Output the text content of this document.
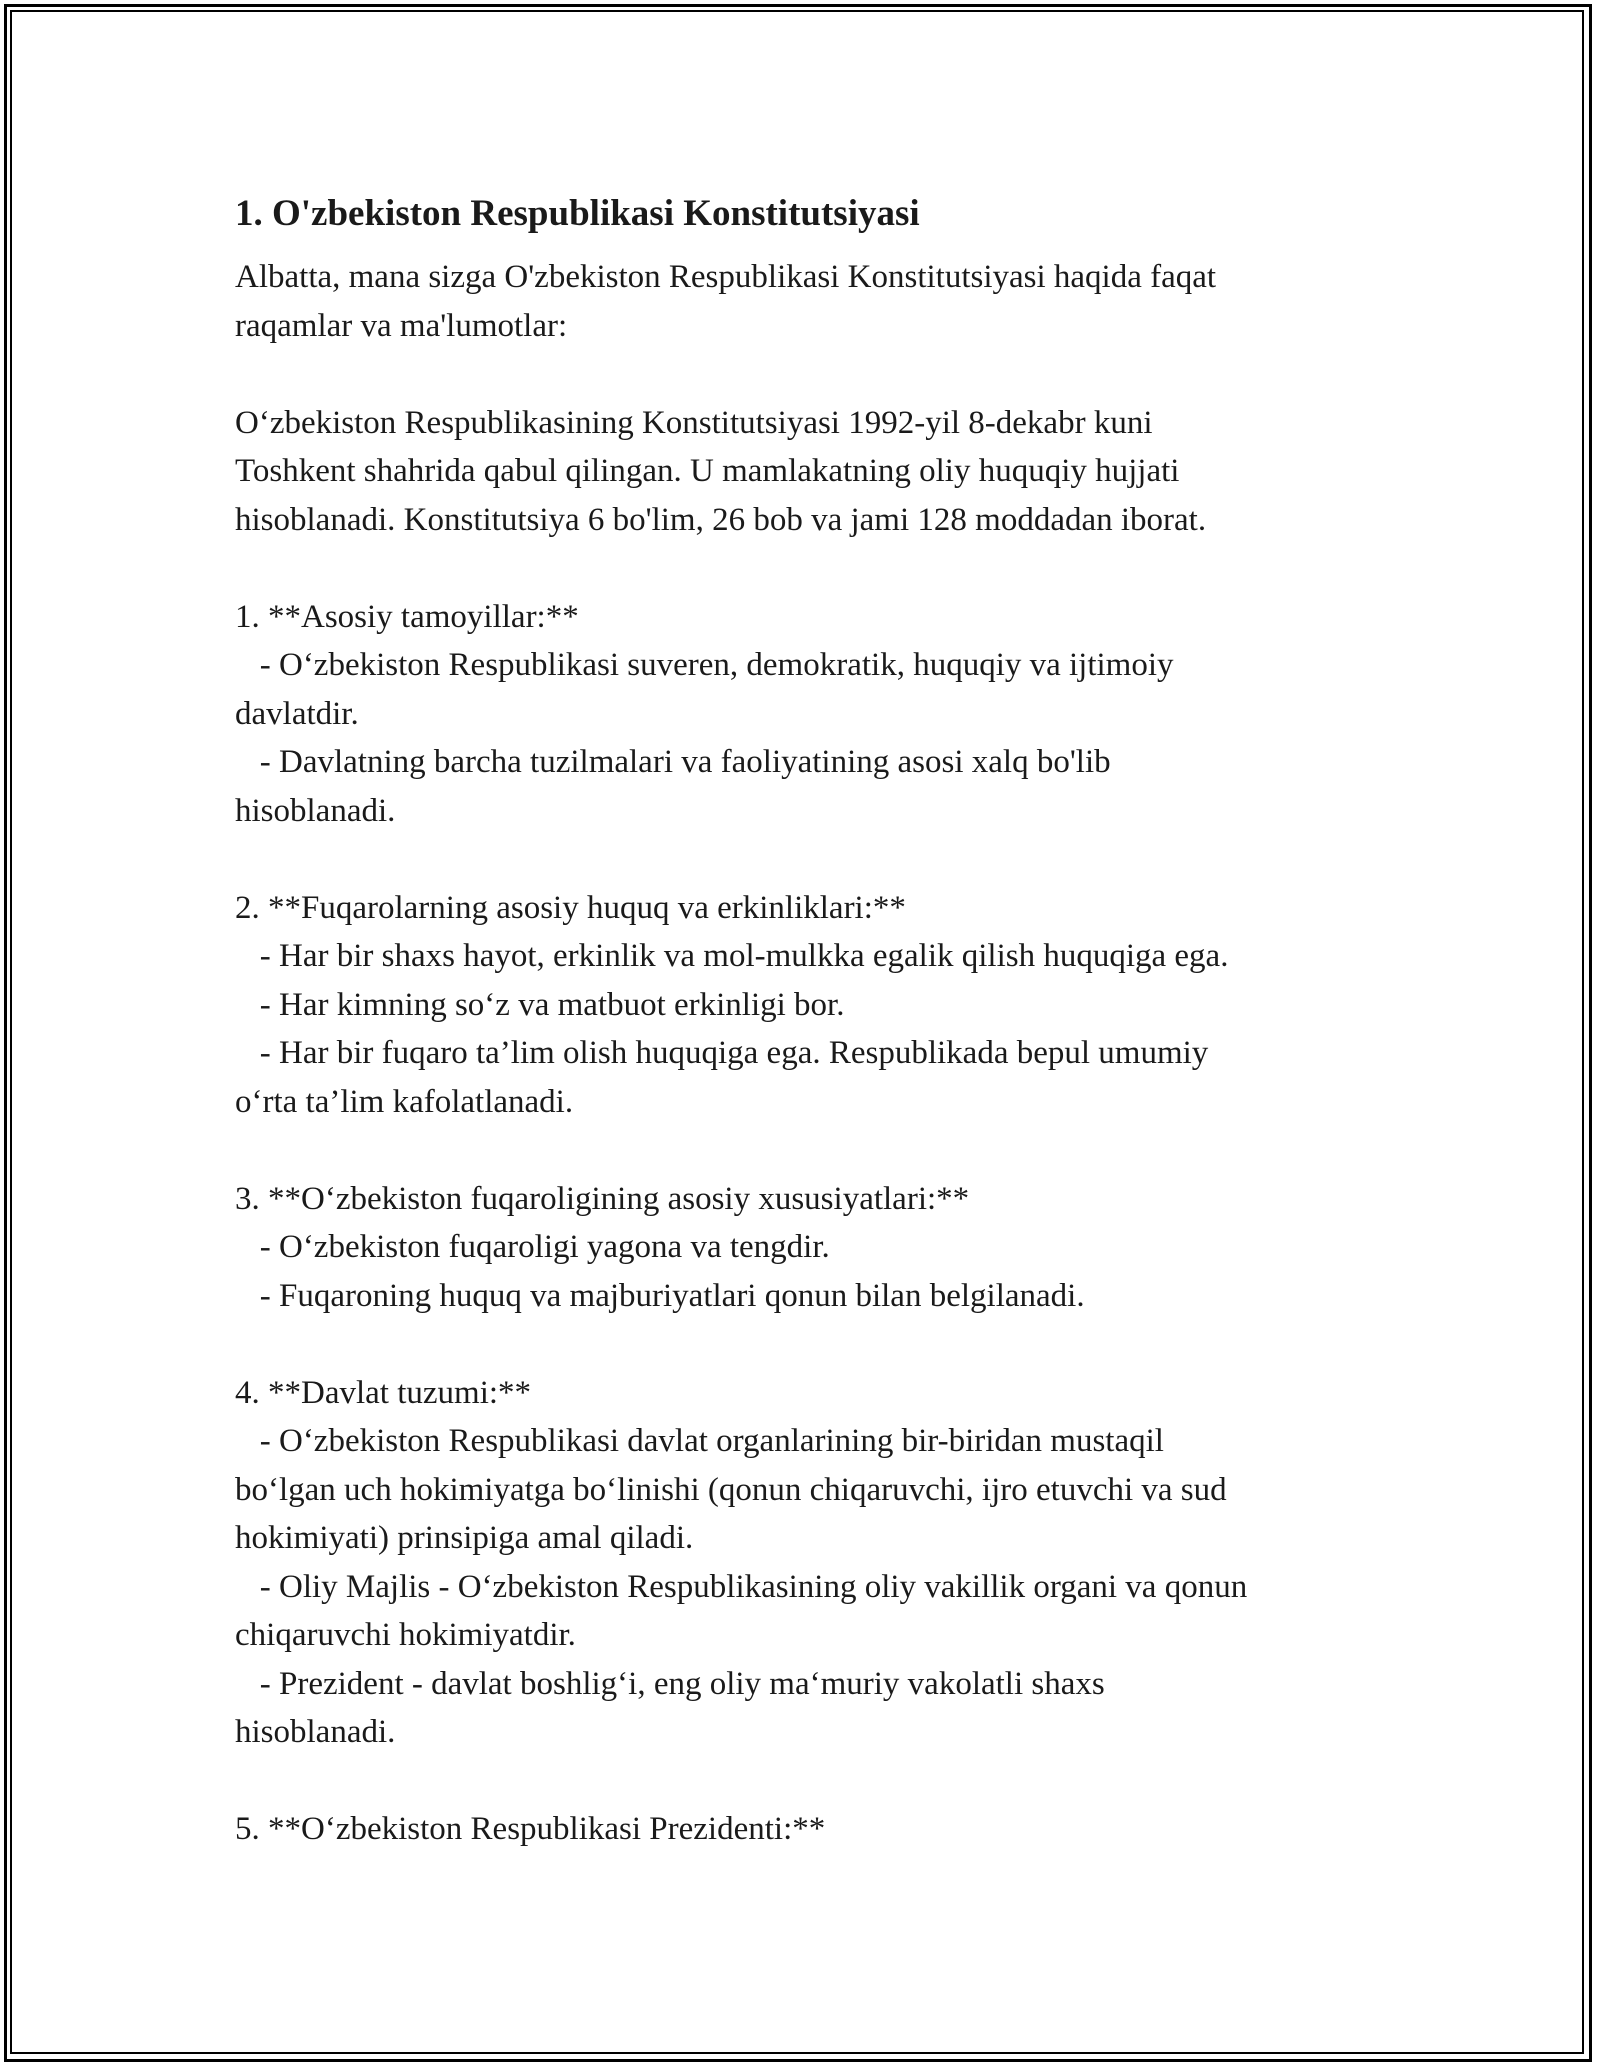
1. O'zbekiston Respublikasi Konstitutsiyasi

Albatta, mana sizga O'zbekiston Respublikasi Konstitutsiyasi haqida faqat
raqamlar va ma'lumotlar:

O‘zbekiston Respublikasining Konstitutsiyasi 1992-yil 8-dekabr kuni
Toshkent shahrida qabul qilingan. U mamlakatning oliy huquqiy hujjati
hisoblanadi. Konstitutsiya 6 bo'lim, 26 bob va jami 128 moddadan iborat.

1. **Asosiy tamoyillar:**

- O‘zbekiston Respublikasi suveren, demokratik, huquqiy va ijtimoiy
davlatdir.

- Davlatning barcha tuzilmalari va faoliyatining asosi xalq bo'lib
hisoblanadi.

2. **Fuqarolarning asosiy huquq va erkinliklari:**

- Har bir shaxs hayot, erkinlik va mol-mulkka egalik qilish huquqiga ega.

- Har kimning so‘z va matbuot erkinligi bor.

- Har bir fuqaro ta’lim olish huquqiga ega. Respublikada bepul umumiy
o‘rta ta’lim kafolatlanadi.

3. **O‘zbekiston fuqaroligining asosiy xususiyatlari:**

- O‘zbekiston fuqaroligi yagona va tengdir.

- Fuqaroning huquq va majburiyatlari qonun bilan belgilanadi.

4. **Davlat tuzumi:**

- O‘zbekiston Respublikasi davlat organlarining bir-biridan mustaqil
bo‘lgan uch hokimiyatga bo‘linishi (qonun chiqaruvchi, ijro etuvchi va sud
hokimiyati) prinsipiga amal qiladi.

- Oliy Majlis - O‘zbekiston Respublikasining oliy vakillik organi va qonun
chiqaruvchi hokimiyatdir.

- Prezident - davlat boshlig‘i, eng oliy ma‘muriy vakolatli shaxs
hisoblanadi.

5. **O‘zbekiston Respublikasi Prezidenti:**
